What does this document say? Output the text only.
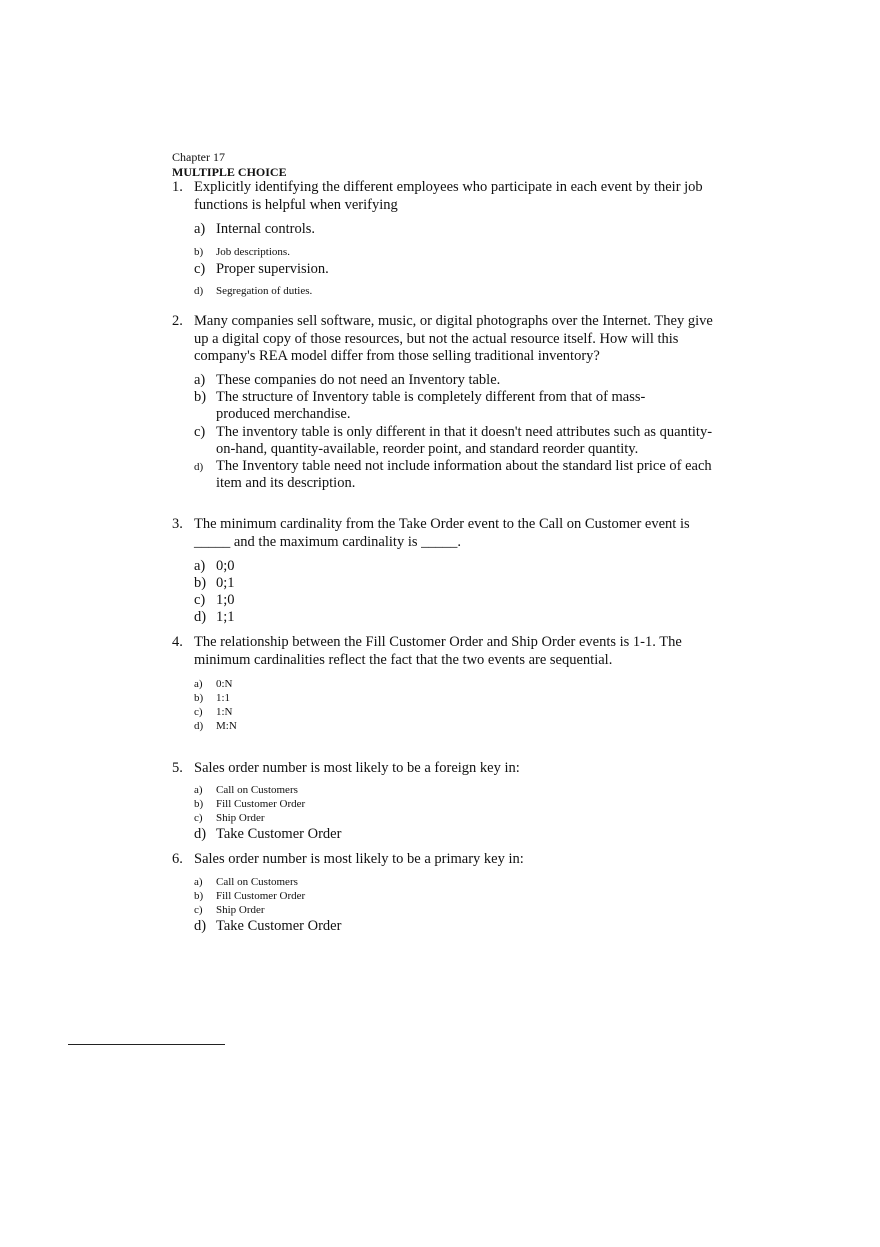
Chapter 17
MULTIPLE CHOICE
1. Explicitly identifying the different employees who participate in each event by their job functions is helpful when verifying
a) Internal controls.
b) Job descriptions.
c) Proper supervision.
d) Segregation of duties.
2. Many companies sell software, music, or digital photographs over the Internet. They give up a digital copy of those resources, but not the actual resource itself. How will this company's REA model differ from those selling traditional inventory?
a) These companies do not need an Inventory table.
b) The structure of Inventory table is completely different from that of mass-produced merchandise.
c) The inventory table is only different in that it doesn't need attributes such as quantity-on-hand, quantity-available, reorder point, and standard reorder quantity.
d) The Inventory table need not include information about the standard list price of each item and its description.
3. The minimum cardinality from the Take Order event to the Call on Customer event is _____ and the maximum cardinality is _____.
a) 0;0
b) 0;1
c) 1;0
d) 1;1
4. The relationship between the Fill Customer Order and Ship Order events is 1-1. The minimum cardinalities reflect the fact that the two events are sequential.
a) 0:N
b) 1:1
c) 1:N
d) M:N
5. Sales order number is most likely to be a foreign key in:
a) Call on Customers
b) Fill Customer Order
c) Ship Order
d) Take Customer Order
6. Sales order number is most likely to be a primary key in:
a) Call on Customers
b) Fill Customer Order
c) Ship Order
d) Take Customer Order
